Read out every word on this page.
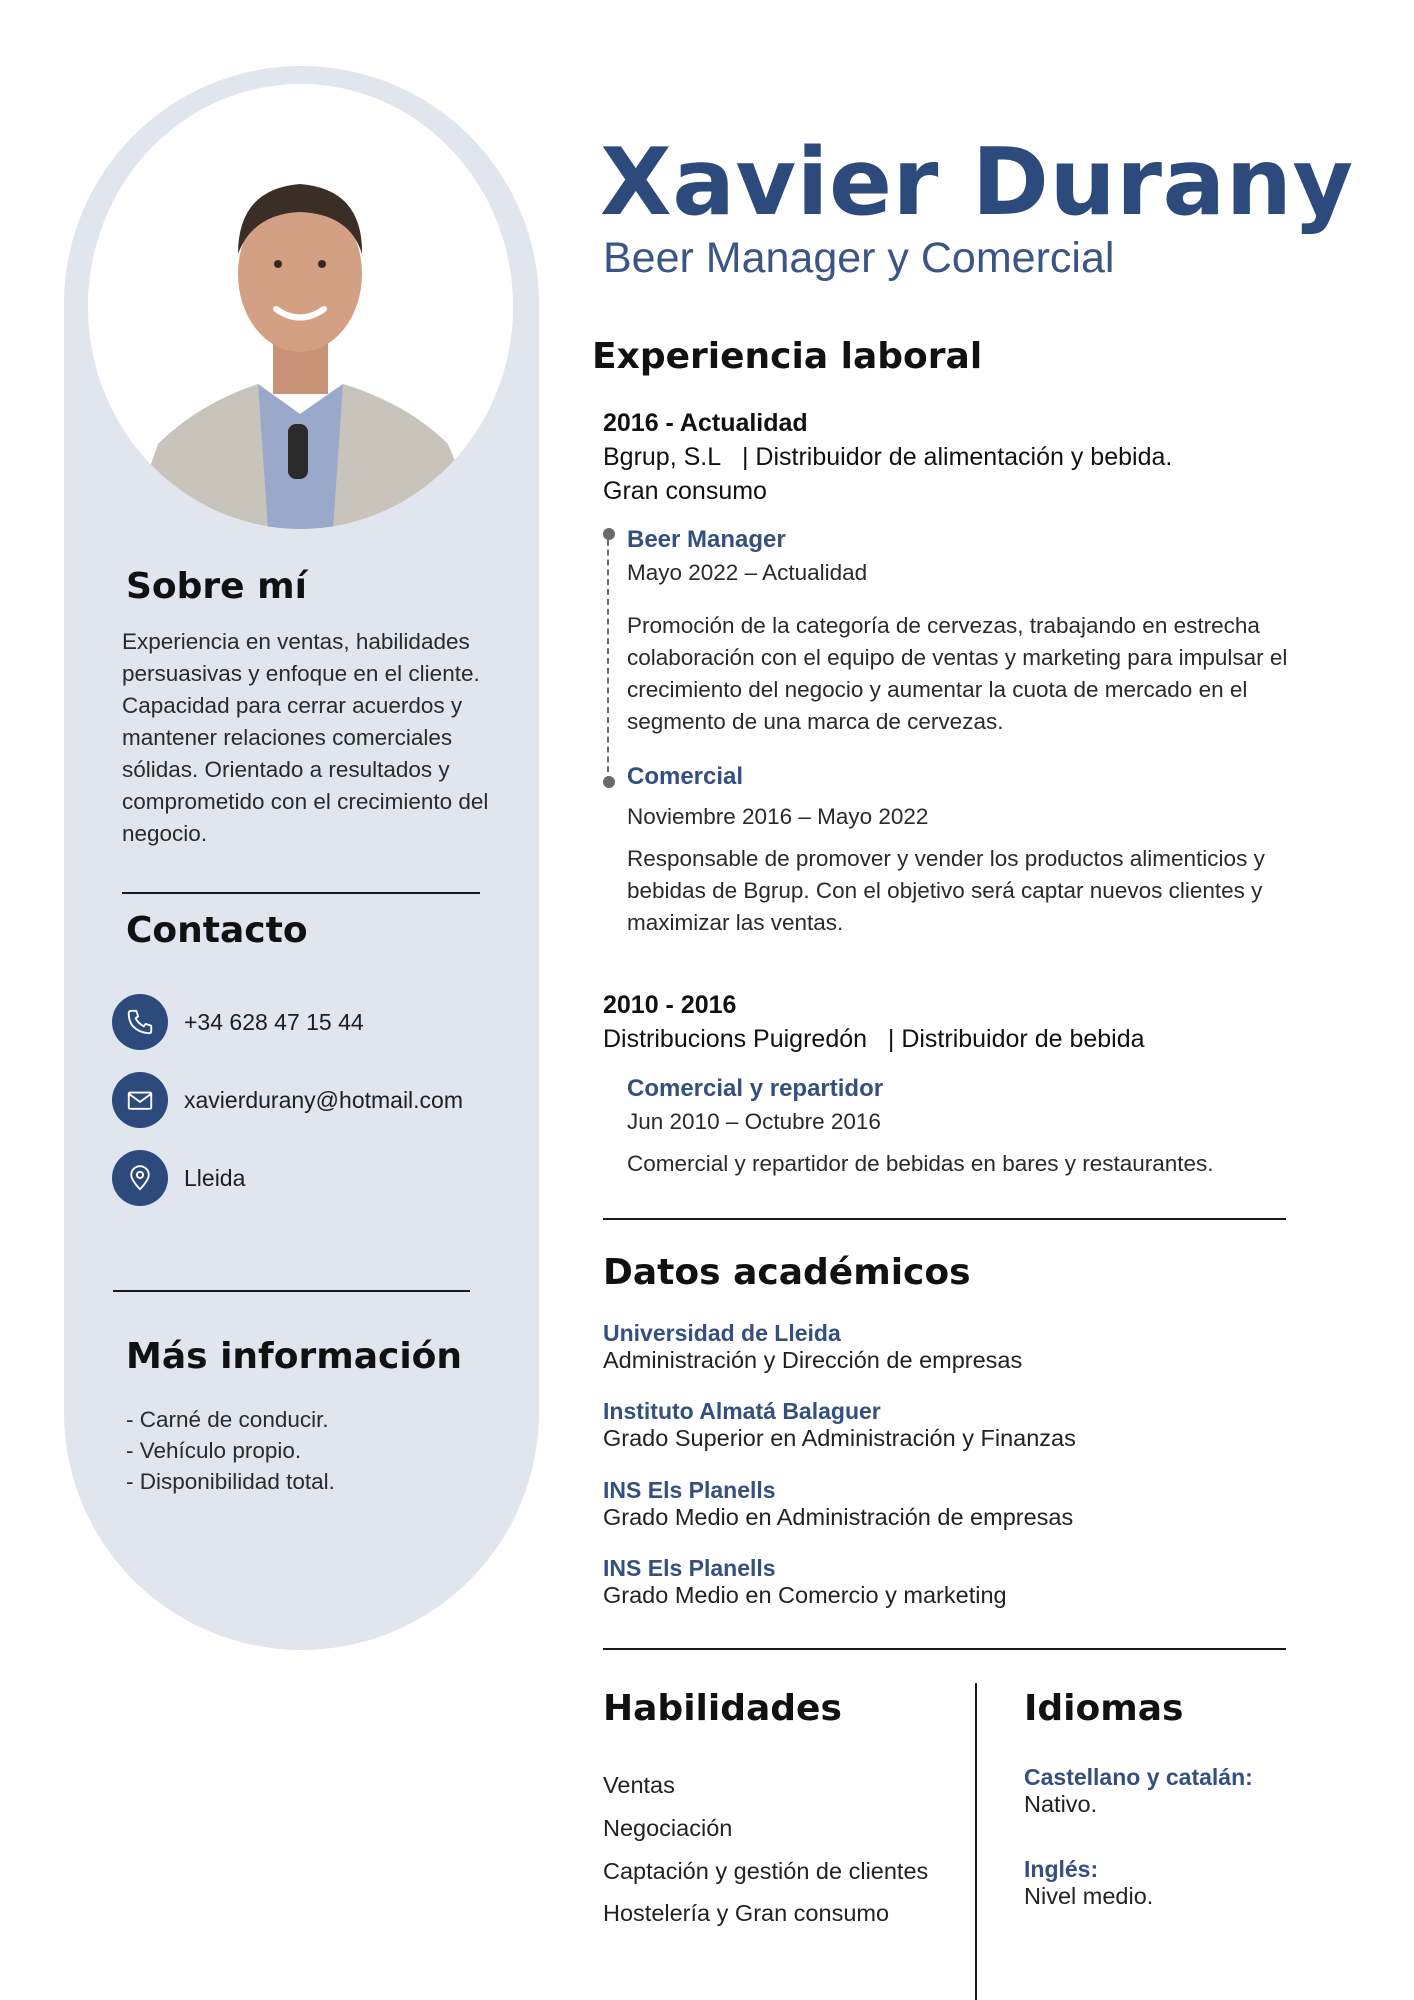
Sobre mí
Experiencia en ventas, habilidades persuasivas y enfoque en el cliente. Capacidad para cerrar acuerdos y mantener relaciones comerciales sólidas. Orientado a resultados y comprometido con el crecimiento del negocio.
Contacto
+34 628 47 15 44
xavierdurany@hotmail.com
Lleida
Más información
- Carné de conducir.
- Vehículo propio.
- Disponibilidad total.
Xavier Durany
Beer Manager y Comercial
Experiencia laboral
2016 - Actualidad
Bgrup, S.L | Distribuidor de alimentación y bebida.
Gran consumo
Beer Manager
Mayo 2022 – Actualidad
Promoción de la categoría de cervezas, trabajando en estrecha colaboración con el equipo de ventas y marketing para impulsar el crecimiento del negocio y aumentar la cuota de mercado en el segmento de una marca de cervezas.
Comercial
Noviembre 2016 – Mayo 2022
Responsable de promover y vender los productos alimenticios y bebidas de Bgrup. Con el objetivo será captar nuevos clientes y maximizar las ventas.
2010 - 2016
Distribucions Puigredón | Distribuidor de bebida
Comercial y repartidor
Jun 2010 – Octubre 2016
Comercial y repartidor de bebidas en bares y restaurantes.
Datos académicos
Universidad de Lleida
Administración y Dirección de empresas
Instituto Almatá Balaguer
Grado Superior en Administración y Finanzas
INS Els Planells
Grado Medio en Administración de empresas
INS Els Planells
Grado Medio en Comercio y marketing
Habilidades
Ventas
Negociación
Captación y gestión de clientes
Hostelería y Gran consumo
Idiomas
Castellano y catalán:
Nativo.
Inglés:
Nivel medio.
